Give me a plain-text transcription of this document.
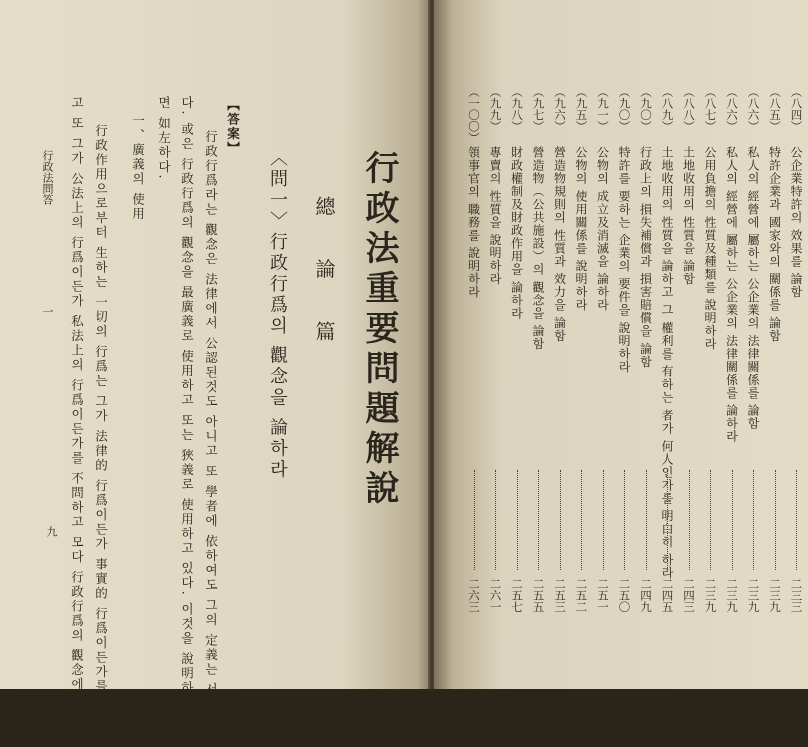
行政法重要問題解說
總 論 篇
〈問一〉行政行爲의 觀念을 論하라
【答案】
行政行爲라는 觀念은 法律에서 公認된것도 아니고 또 學者에 依하여도 그의 定義는 서로 다르
다. 或은 行政行爲의 觀念을 最廣義로 使用하고 또는 狹義로 使用하고 있다. 이것을 說明하
면 如左하다.
一、廣義의 使用
行政作用으로부터 生하는 一切의 行爲는 그가 法律的 行爲이든가 事實的 行爲이든가를 不問하
고 또 그가 公法上의 行爲이든가 私法上의 行爲이든가를 不問하고 모다 行政行爲의 觀念에 包
行政法問答
一
九
（八四）
公企業特許의 效果를 論함
二三三
（八五）
特許企業과 國家와의 關係를 論함
二三九
（八六）
私人의 經營에 屬하는 公企業의 法律關係를 論함
二三九
（八六）
私人의 經營에 屬하는 公企業의 法律關係를 論하라
二三九
（八七）
公用負擔의 性質及種類를 說明하라
二三九
（八八）
土地收用의 性質을 論함
二四三
（八九）
土地收用의 性質을 論하고 그 權利를 有하는 者가 何人인가를 明白히 하라
二四五
（九〇）
行政上의 損失補償과 損害賠償을 論함
二四九
（九〇）
特許를 要하는 企業의 要件을 說明하라
二五〇
（九一）
公物의 成立及消滅을 論하라
二五一
（九五）
公物의 使用關係를 說明하라
二五二
（九六）
營造物規則의 性質과 效力을 論함
二五三
（九七）
營造物（公共施設）의 觀念을 論함
二五五
（九八）
財政權制及財政作用을 論하라
二五七
（九九）
專賣의 性質을 說明하라
二六一
（一〇〇）
領事官의 職務를 說明하라
二六三
